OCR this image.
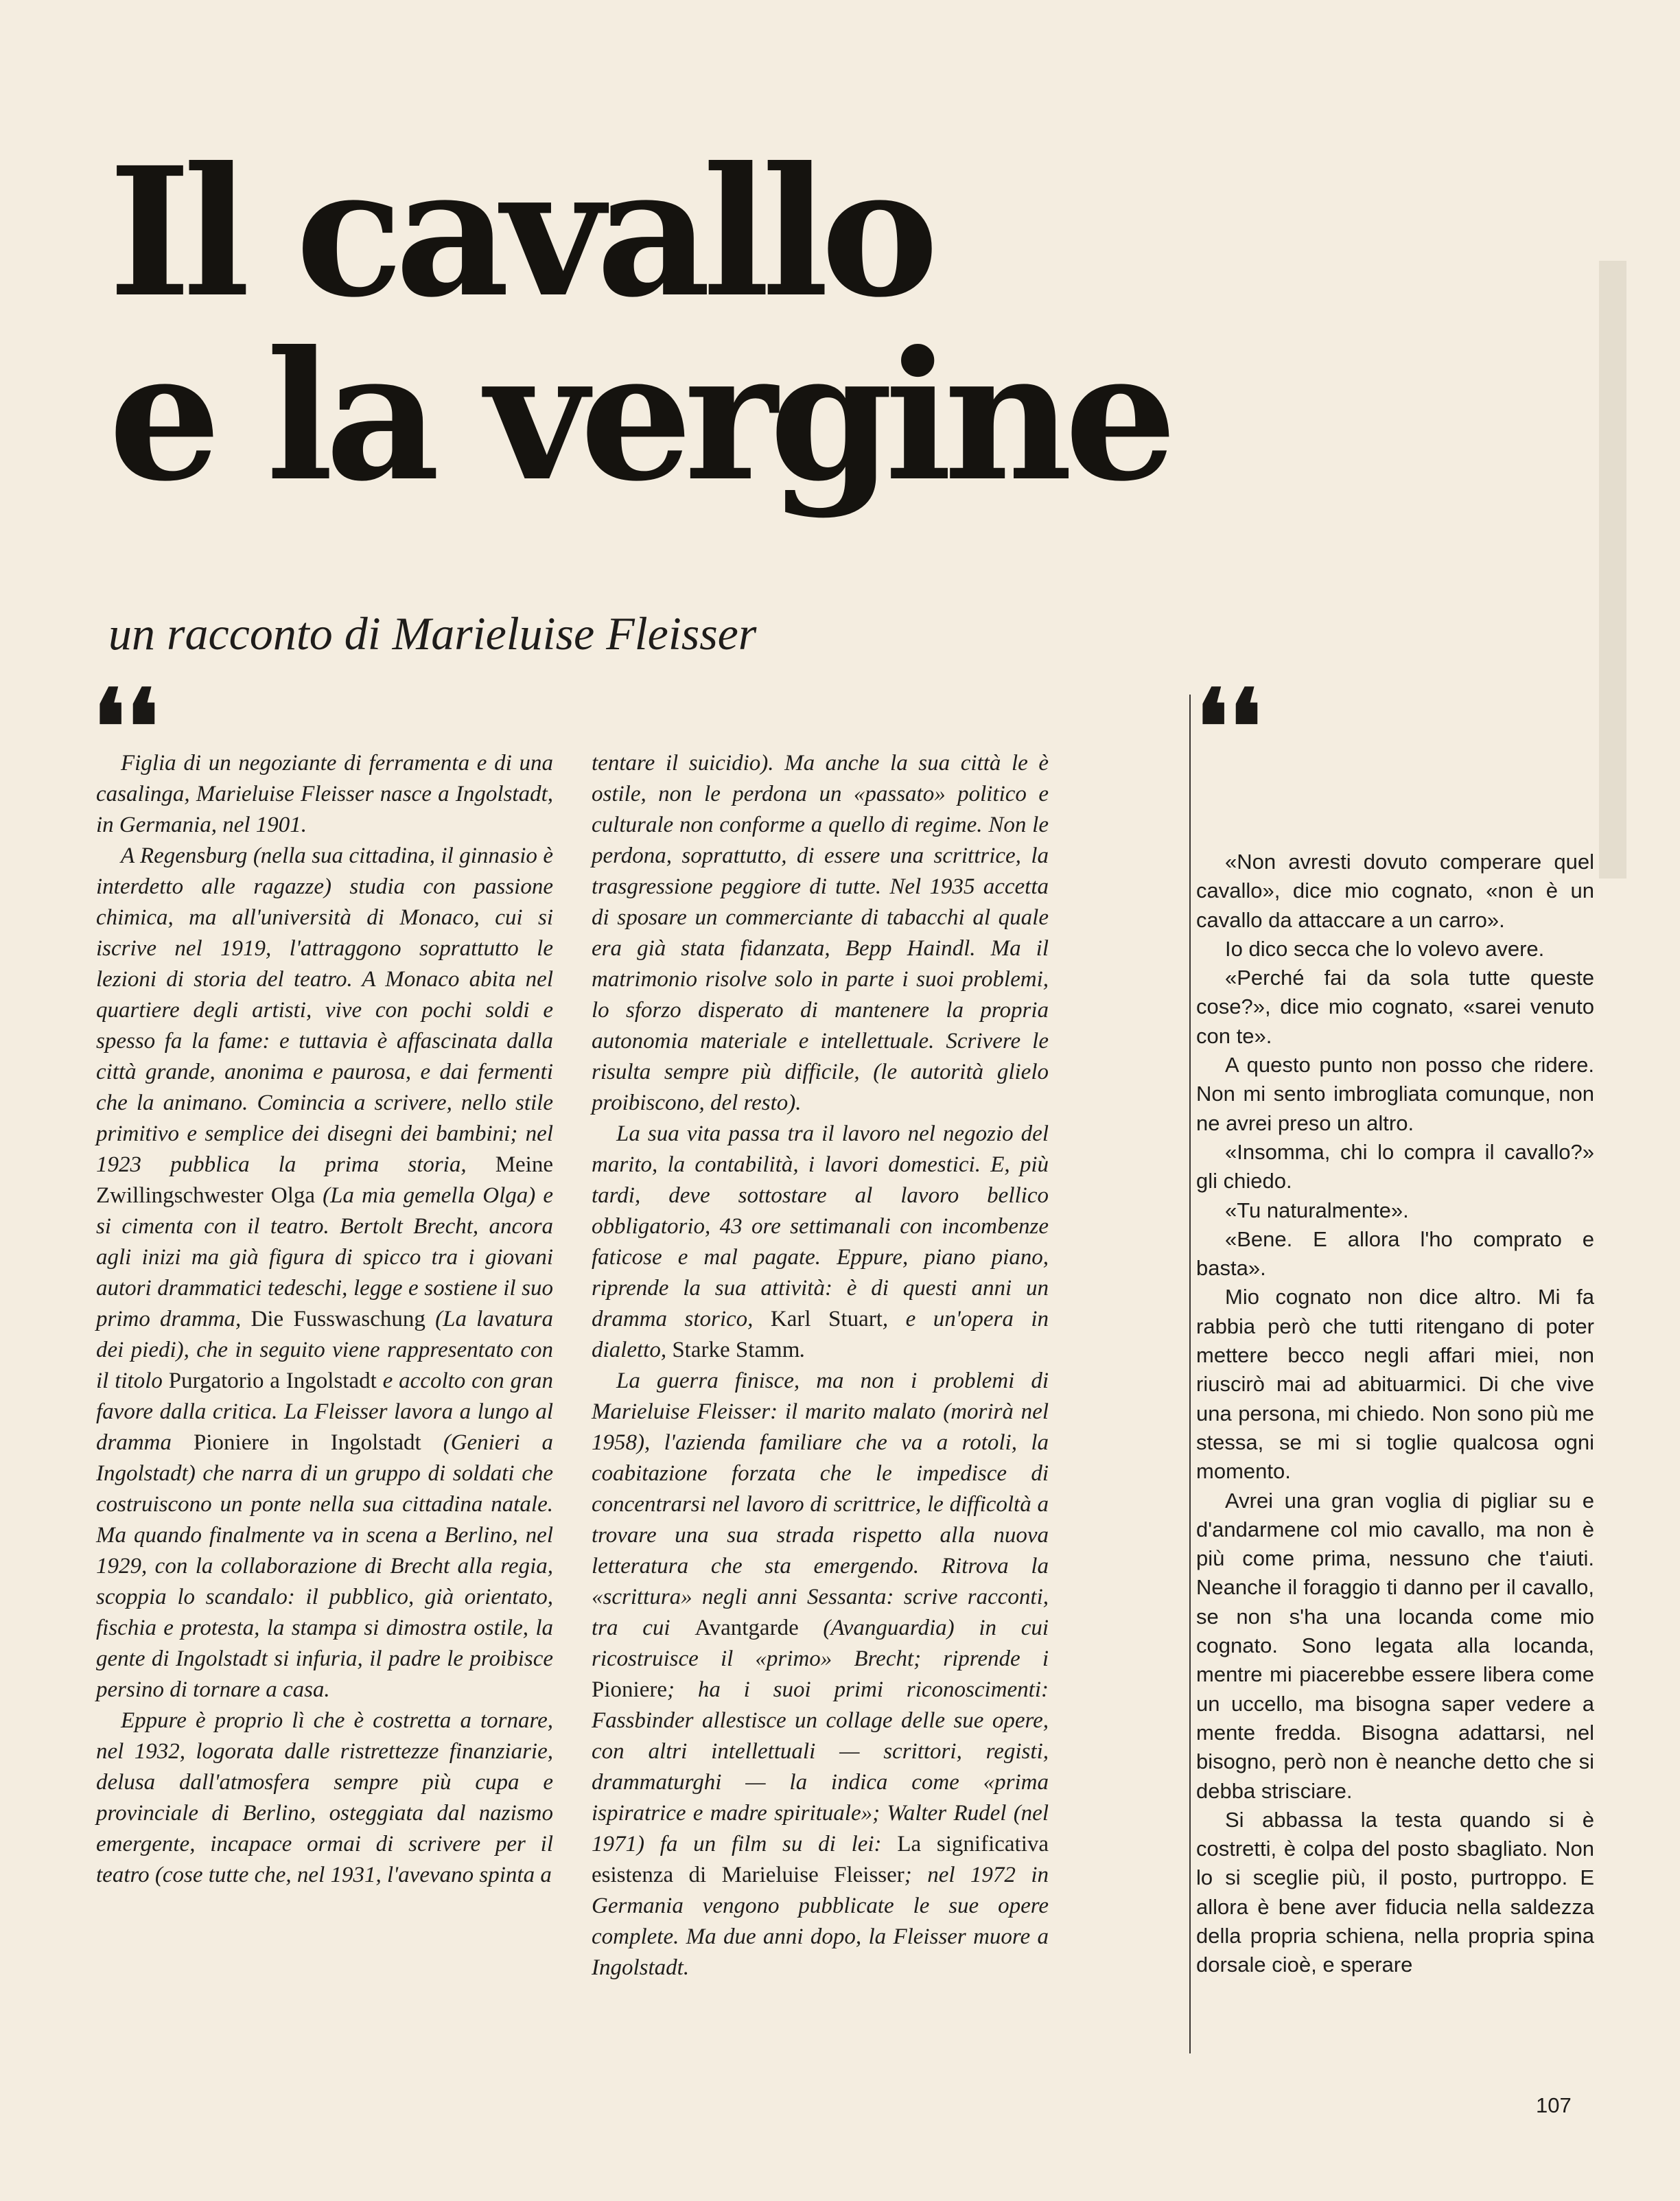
Il cavallo
e la vergine
un racconto di Marieluise Fleisser
❛❛	❛❛

Figlia di un negoziante di ferramenta e di una casalinga, Marieluise Fleisser nasce a Ingolstadt, in Germania, nel 1901.

A Regensburg (nella sua cittadina, il ginnasio è interdetto alle ragazze) studia con passione chimica, ma all'università di Monaco, cui si iscrive nel 1919, l'attraggono soprattutto le lezioni di storia del teatro. A Monaco abita nel quartiere degli artisti, vive con pochi soldi e spesso fa la fame: e tuttavia è affascinata dalla città grande, anonima e paurosa, e dai fermenti che la animano. Comincia a scrivere, nello stile primitivo e semplice dei disegni dei bambini; nel 1923 pubblica la prima storia, Meine Zwillingschwester Olga (La mia gemella Olga) e si cimenta con il teatro. Bertolt Brecht, ancora agli inizi ma già figura di spicco tra i giovani autori drammatici tedeschi, legge e sostiene il suo primo dramma, Die Fusswaschung (La lavatura dei piedi), che in seguito viene rappresentato con il titolo Purgatorio a Ingolstadt e accolto con gran favore dalla critica. La Fleisser lavora a lungo al dramma Pioniere in Ingolstadt (Genieri a Ingolstadt) che narra di un gruppo di soldati che costruiscono un ponte nella sua cittadina natale. Ma quando finalmente va in scena a Berlino, nel 1929, con la collaborazione di Brecht alla regia, scoppia lo scandalo: il pubblico, già orientato, fischia e protesta, la stampa si dimostra ostile, la gente di Ingolstadt si infuria, il padre le proibisce persino di tornare a casa.

Eppure è proprio lì che è costretta a tornare, nel 1932, logorata dalle ristrettezze finanziarie, delusa dall'atmosfera sempre più cupa e provinciale di Berlino, osteggiata dal nazismo emergente, incapace ormai di scrivere per il teatro (cose tutte che, nel 1931, l'avevano spinta a

tentare il suicidio). Ma anche la sua città le è ostile, non le perdona un «passato» politico e culturale non conforme a quello di regime. Non le perdona, soprattutto, di essere una scrittrice, la trasgressione peggiore di tutte. Nel 1935 accetta di sposare un commerciante di tabacchi al quale era già stata fidanzata, Bepp Haindl. Ma il matrimonio risolve solo in parte i suoi problemi, lo sforzo disperato di mantenere la propria autonomia materiale e intellettuale. Scrivere le risulta sempre più difficile, (le autorità glielo proibiscono, del resto).

La sua vita passa tra il lavoro nel negozio del marito, la contabilità, i lavori domestici. E, più tardi, deve sottostare al lavoro bellico obbligatorio, 43 ore settimanali con incombenze faticose e mal pagate. Eppure, piano piano, riprende la sua attività: è di questi anni un dramma storico, Karl Stuart, e un'opera in dialetto, Starke Stamm.

La guerra finisce, ma non i problemi di Marieluise Fleisser: il marito malato (morirà nel 1958), l'azienda familiare che va a rotoli, la coabitazione forzata che le impedisce di concentrarsi nel lavoro di scrittrice, le difficoltà a trovare una sua strada rispetto alla nuova letteratura che sta emergendo. Ritrova la «scrittura» negli anni Sessanta: scrive racconti, tra cui Avantgarde (Avanguardia) in cui ricostruisce il «primo» Brecht; riprende i Pioniere; ha i suoi primi riconoscimenti: Fassbinder allestisce un collage delle sue opere, con altri intellettuali — scrittori, registi, drammaturghi — la indica come «prima ispiratrice e madre spirituale»; Walter Rudel (nel 1971) fa un film su di lei: La significativa esistenza di Marieluise Fleisser; nel 1972 in Germania vengono pubblicate le sue opere complete. Ma due anni dopo, la Fleisser muore a Ingolstadt.

«Non avresti dovuto comperare quel cavallo», dice mio cognato, «non è un cavallo da attaccare a un carro».

Io dico secca che lo volevo avere.

«Perché fai da sola tutte queste cose?», dice mio cognato, «sarei venuto con te».

A questo punto non posso che ridere. Non mi sento imbrogliata comunque, non ne avrei preso un altro.

«Insomma, chi lo compra il cavallo?» gli chiedo.

«Tu naturalmente».

«Bene. E allora l'ho comprato e basta».

Mio cognato non dice altro. Mi fa rabbia però che tutti ritengano di poter mettere becco negli affari miei, non riuscirò mai ad abituarmici. Di che vive una persona, mi chiedo. Non sono più me stessa, se mi si toglie qualcosa ogni momento.

Avrei una gran voglia di pigliar su e d'andarmene col mio cavallo, ma non è più come prima, nessuno che t'aiuti. Neanche il foraggio ti danno per il cavallo, se non s'ha una locanda come mio cognato. Sono legata alla locanda, mentre mi piacerebbe essere libera come un uccello, ma bisogna saper vedere a mente fredda. Bisogna adattarsi, nel bisogno, però non è neanche detto che si debba strisciare.

Si abbassa la testa quando si è costretti, è colpa del posto sbagliato. Non lo si sceglie più, il posto, purtroppo. E allora è bene aver fiducia nella saldezza della propria schiena, nella propria spina dorsale cioè, e sperare

107
